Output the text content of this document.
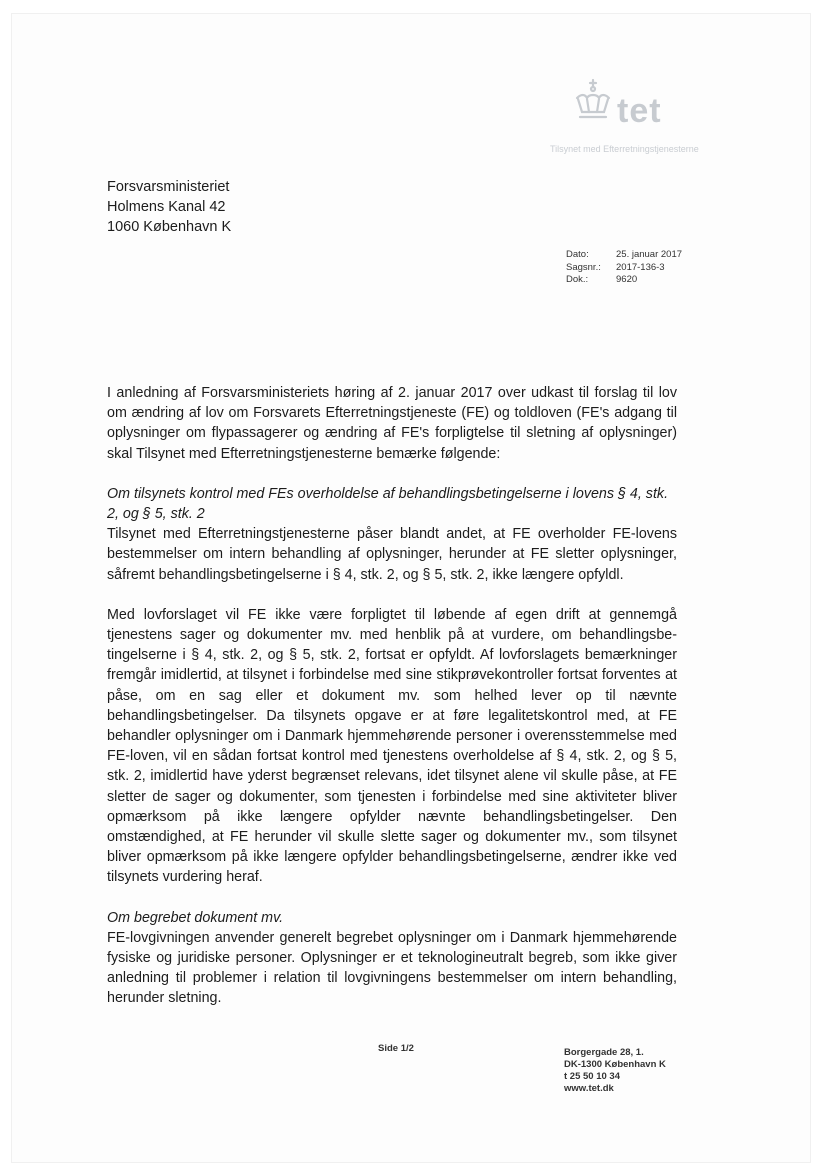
tet
Tilsynet med Efterretningstjenesterne
Forsvarsministeriet
Holmens Kanal 42
1060 København K
Dato:	25. januar 2017
Sagsnr.:	2017-136-3
Dok.:	9620

I anledning af Forsvarsministeriets høring af 2. januar 2017 over udkast til forslag til lov om ændring af lov om Forsvarets Efterretningstjeneste (FE) og toldloven (FE's adgang til oplysninger om flypassagerer og ændring af FE's forpligtelse til sletning af oplysninger) skal Tilsynet med Efterretningstjenesterne bemærke følgende:

Om tilsynets kontrol med FEs overholdelse af behandlingsbetingelserne i lovens § 4, stk. 2, og § 5, stk. 2

Tilsynet med Efterretningstjenesterne påser blandt andet, at FE overholder FE-lovens bestemmelser om intern behandling af oplysninger, herunder at FE sletter oplysninger, såfremt behandlingsbetingelserne i § 4, stk. 2, og § 5, stk. 2, ikke længere opfyldl.

Med lovforslaget vil FE ikke være forpligtet til løbende af egen drift at gennemgå tjenestens sager og dokumenter mv. med henblik på at vurdere, om behandlingsbetingelserne i § 4, stk. 2, og § 5, stk. 2, fortsat er opfyldt. Af lovforslagets bemærkninger fremgår imidlertid, at tilsynet i forbindelse med sine stikprøvekontroller fortsat forventes at påse, om en sag eller et dokument mv. som helhed lever op til nævnte behandlingsbetingelser. Da tilsynets opgave er at føre legalitetskontrol med, at FE behandler oplysninger om i Danmark hjemmehørende personer i overensstemmelse med FE-loven, vil en sådan fortsat kontrol med tjenestens overholdelse af § 4, stk. 2, og § 5, stk. 2, imidlertid have yderst begrænset relevans, idet tilsynet alene vil skulle påse, at FE sletter de sager og dokumenter, som tjenesten i forbindelse med sine aktiviteter bliver opmærksom på ikke længere opfylder nævnte behandlingsbetingelser. Den omstændighed, at FE herunder vil skulle slette sager og dokumenter mv., som tilsynet bliver opmærksom på ikke længere opfylder behandlingsbetingelserne, ændrer ikke ved tilsynets vurdering heraf.

Om begrebet dokument mv.

FE-lovgivningen anvender generelt begrebet oplysninger om i Danmark hjemmehørende fysiske og juridiske personer. Oplysninger er et teknologineutralt begreb, som ikke giver anledning til problemer i relation til lovgivningens bestemmelser om intern behandling, herunder sletning.

Side 1/2	Borgergade 28, 1.
DK-1300 København K
t 25 50 10 34
www.tet.dk
